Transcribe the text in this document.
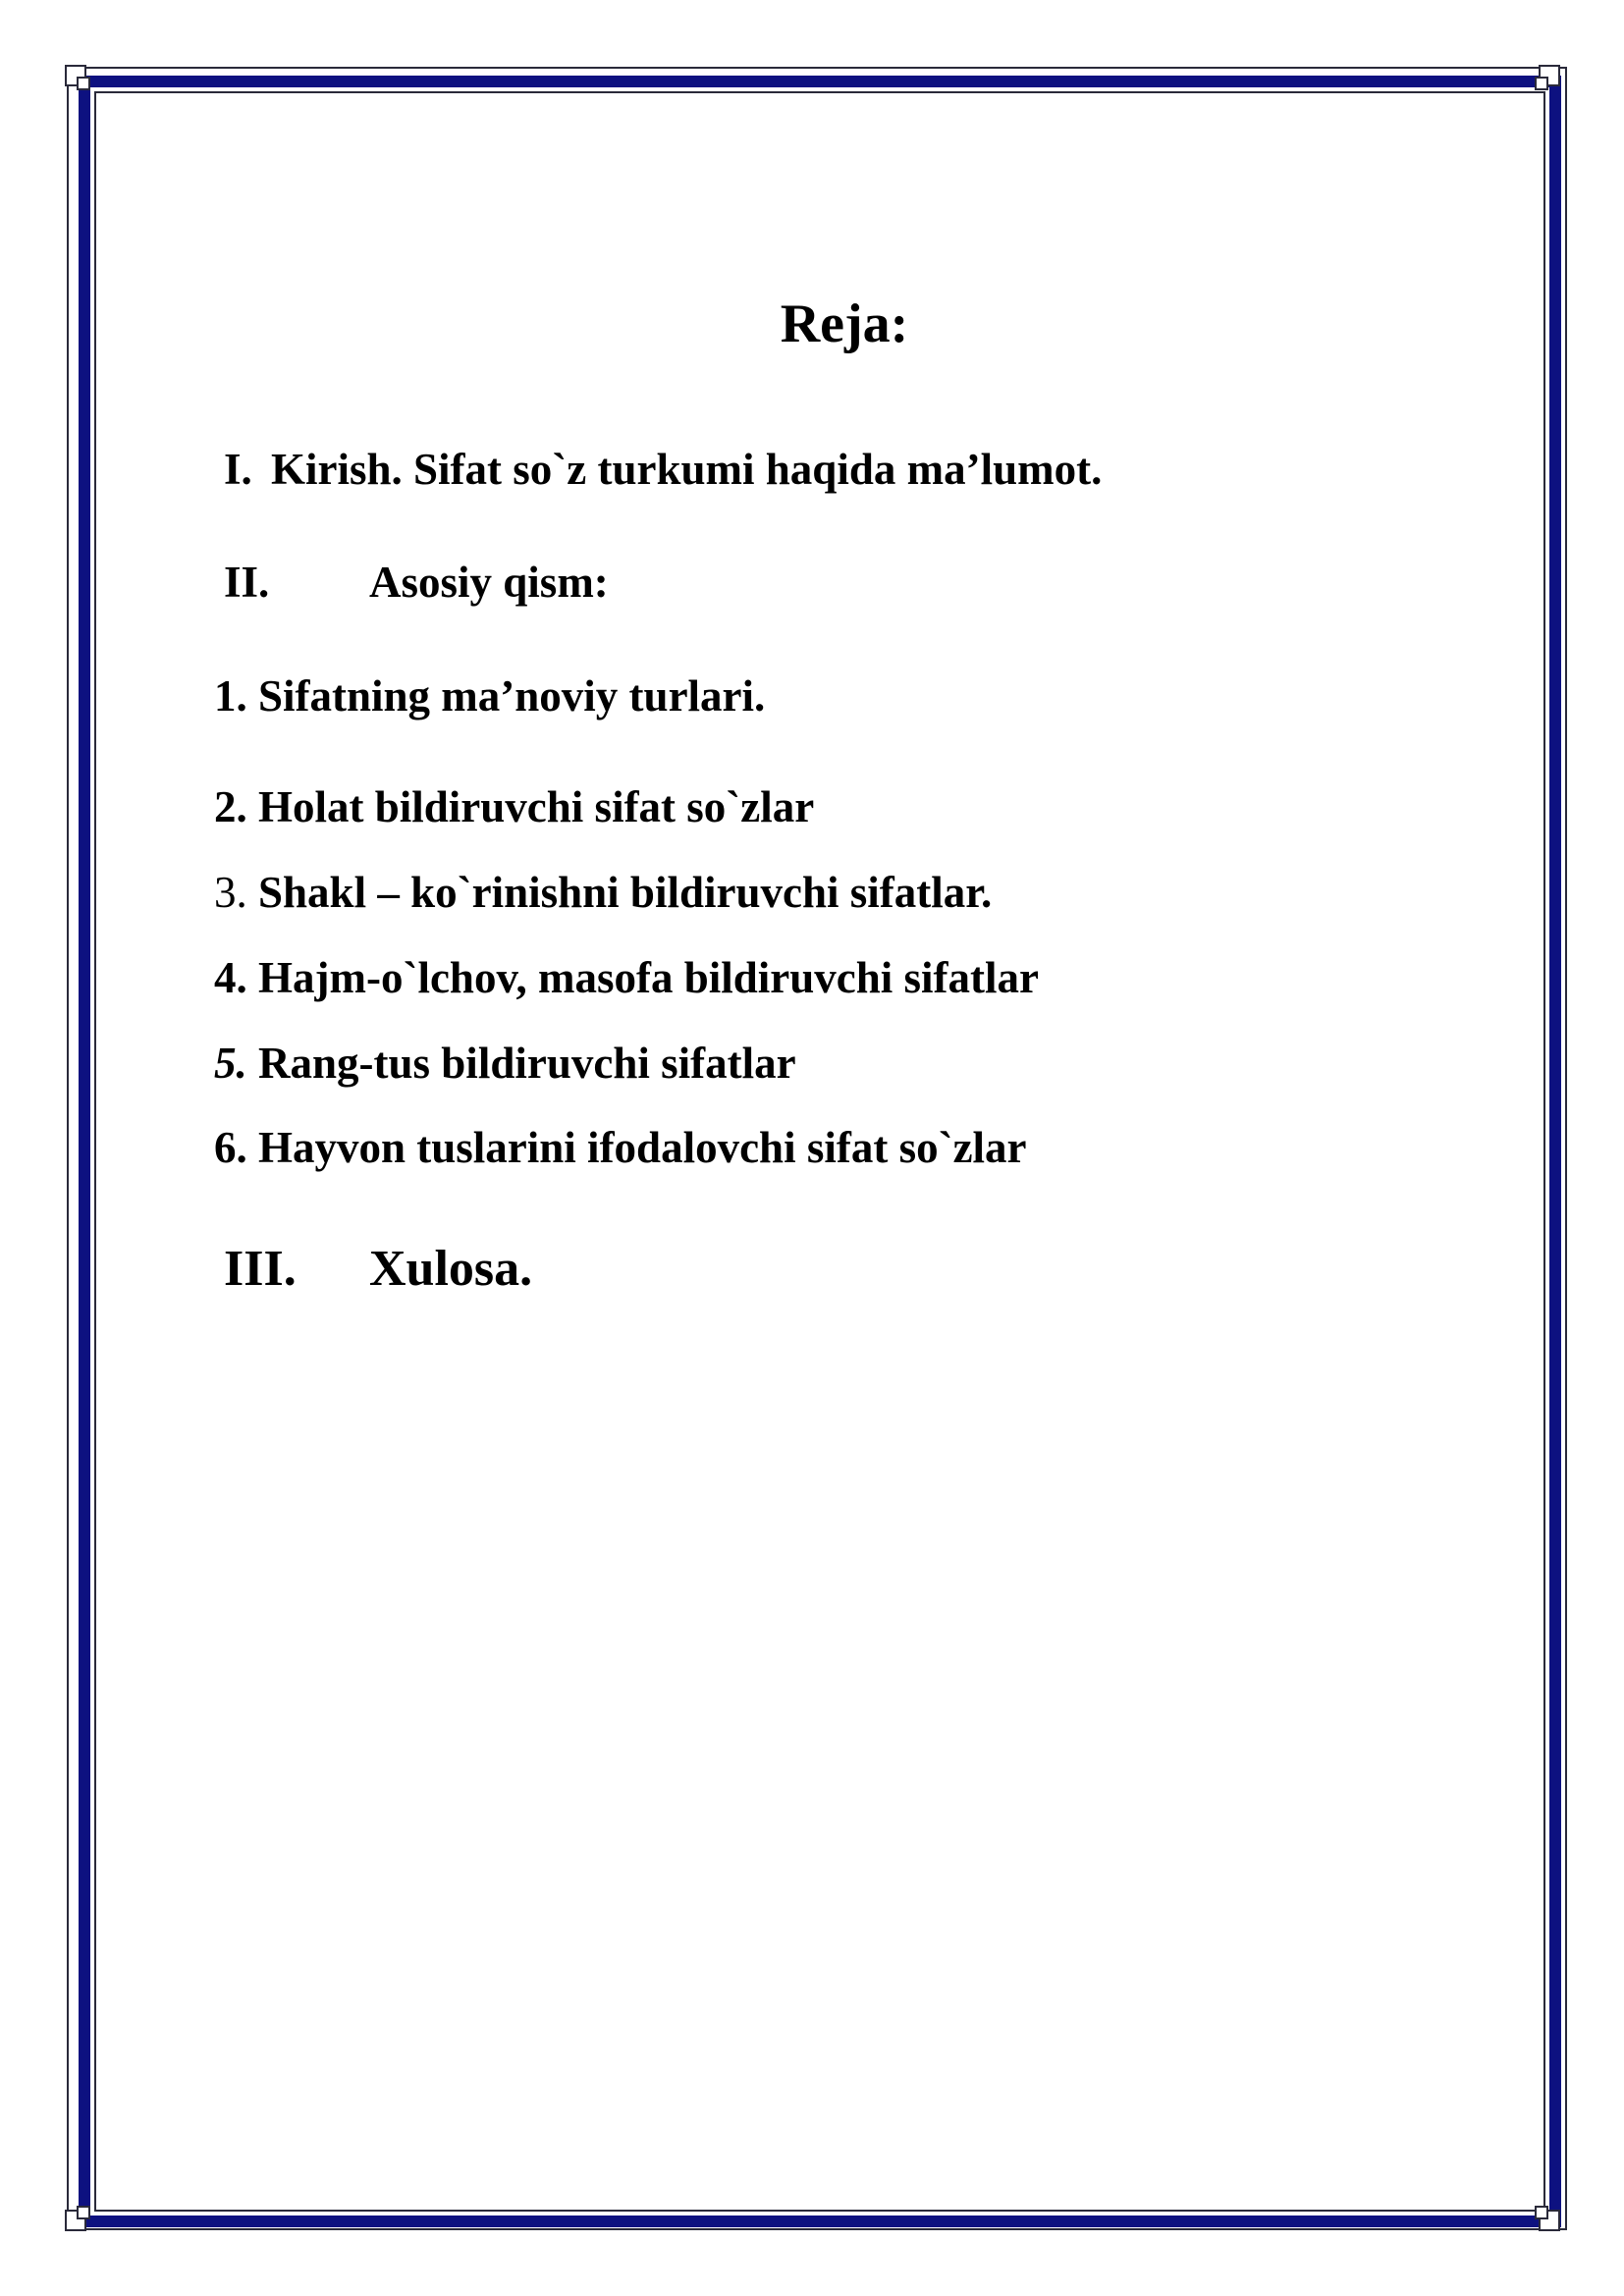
Reja:

I. Kirish. Sifat so`z turkumi haqida ma’lumot.

II. Asosiy qism:

1. Sifatning ma’noviy turlari.

2. Holat bildiruvchi sifat so`zlar

3. Shakl – ko`rinishni bildiruvchi sifatlar.

4. Hajm-o`lchov, masofa bildiruvchi sifatlar

5. Rang-tus bildiruvchi sifatlar

6. Hayvon tuslarini ifodalovchi sifat so`zlar

III. Xulosa.
